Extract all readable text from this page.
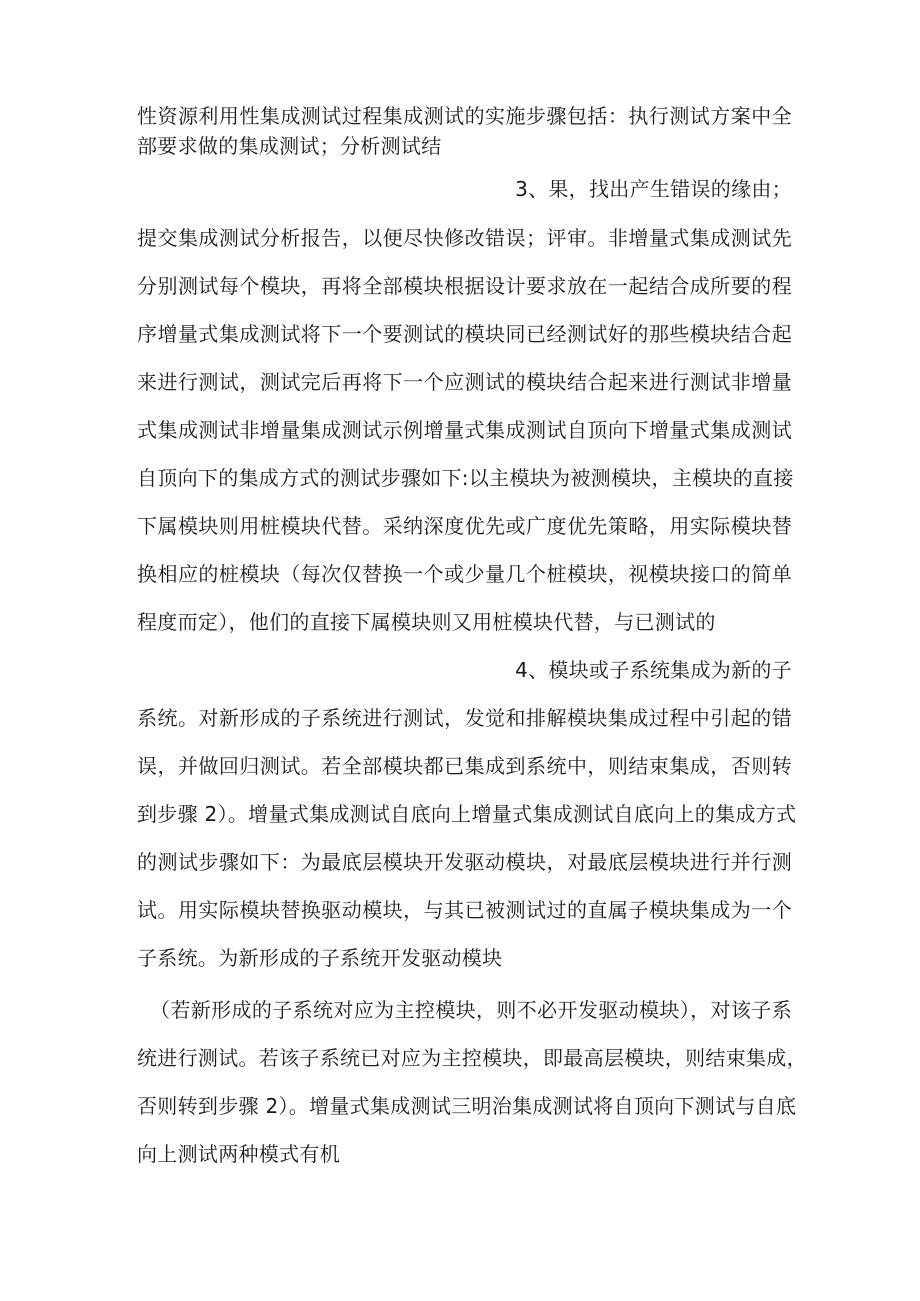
性资源利用性集成测试过程集成测试的实施步骤包括：执行测试方案中全
部要求做的集成测试；分析测试结
3、果，找出产生错误的缘由；
提交集成测试分析报告，以便尽快修改错误；评审。非增量式集成测试先
分别测试每个模块，再将全部模块根据设计要求放在一起结合成所要的程
序增量式集成测试将下一个要测试的模块同已经测试好的那些模块结合起
来进行测试，测试完后再将下一个应测试的模块结合起来进行测试非增量
式集成测试非增量集成测试示例增量式集成测试自顶向下增量式集成测试
自顶向下的集成方式的测试步骤如下:以主模块为被测模块，主模块的直接
下属模块则用桩模块代替。采纳深度优先或广度优先策略，用实际模块替
换相应的桩模块（每次仅替换一个或少量几个桩模块，视模块接口的简单
程度而定），他们的直接下属模块则又用桩模块代替，与已测试的
4、模块或子系统集成为新的子
系统。对新形成的子系统进行测试，发觉和排解模块集成过程中引起的错
误，并做回归测试。若全部模块都已集成到系统中，则结束集成，否则转
到步骤 2）。增量式集成测试自底向上增量式集成测试自底向上的集成方式
的测试步骤如下：为最底层模块开发驱动模块，对最底层模块进行并行测
试。用实际模块替换驱动模块，与其已被测试过的直属子模块集成为一个
子系统。为新形成的子系统开发驱动模块
（若新形成的子系统对应为主控模块，则不必开发驱动模块），对该子系
统进行测试。若该子系统已对应为主控模块，即最高层模块，则结束集成，
否则转到步骤 2）。增量式集成测试三明治集成测试将自顶向下测试与自底
向上测试两种模式有机
